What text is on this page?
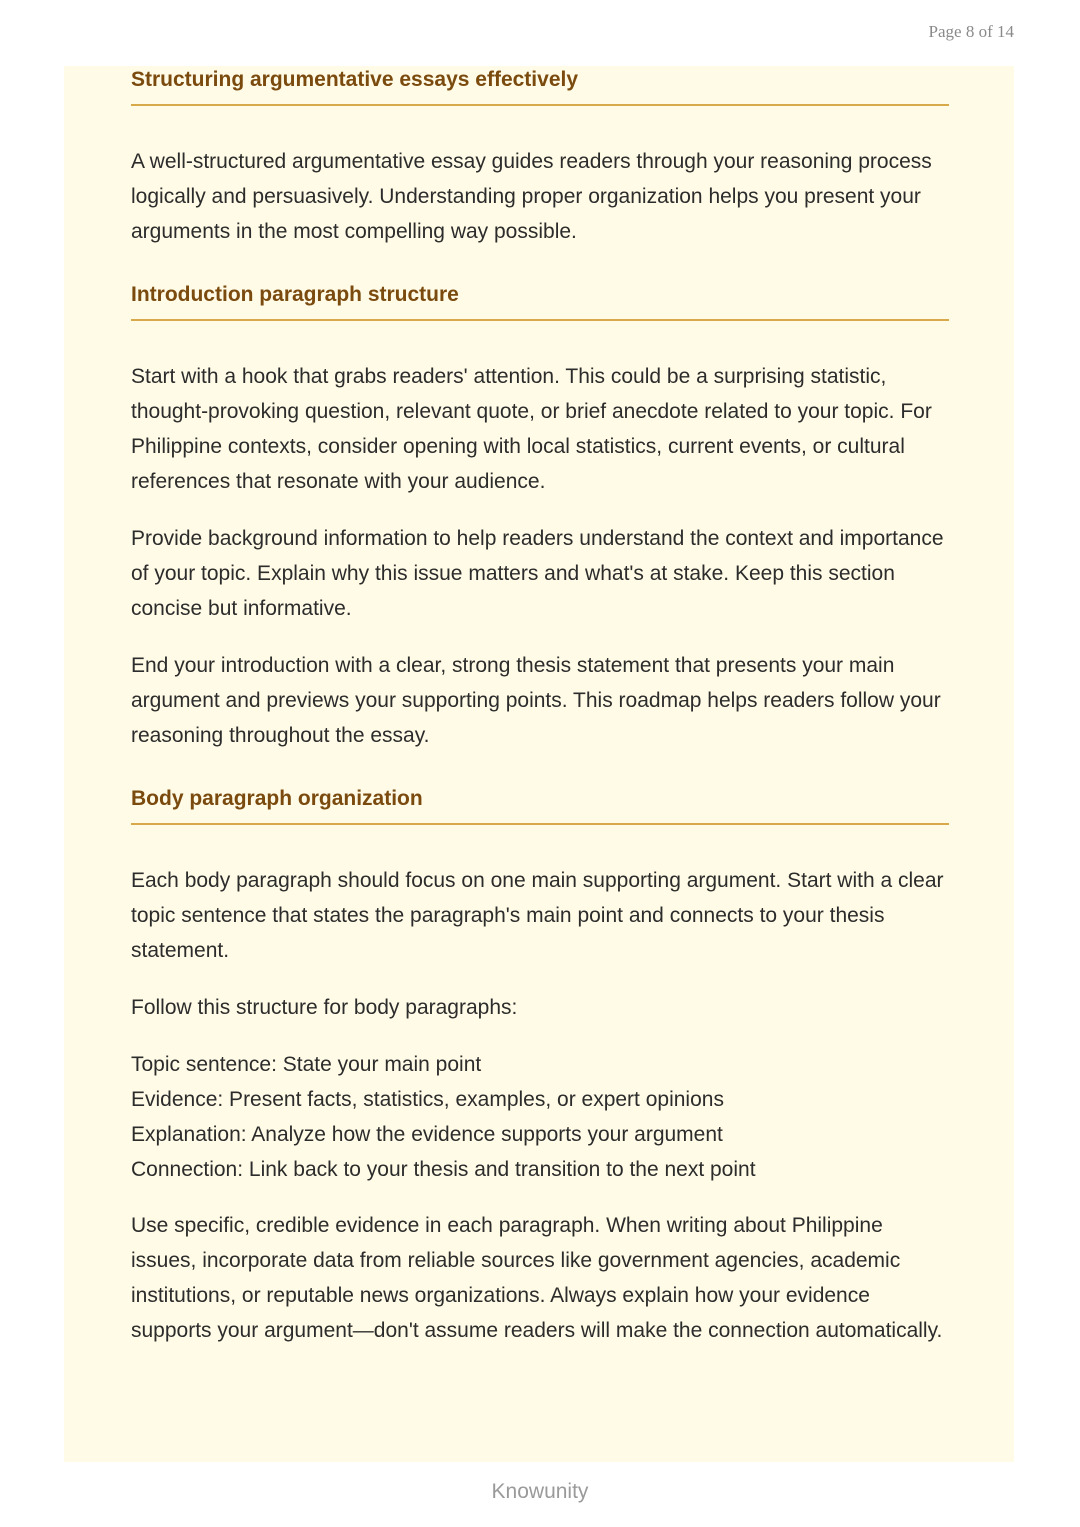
Page 8 of 14
Structuring argumentative essays effectively

A well-structured argumentative essay guides readers through your reasoning process logically and persuasively. Understanding proper organization helps you present your arguments in the most compelling way possible.

Introduction paragraph structure

Start with a hook that grabs readers' attention. This could be a surprising statistic, thought-provoking question, relevant quote, or brief anecdote related to your topic. For Philippine contexts, consider opening with local statistics, current events, or cultural references that resonate with your audience.

Provide background information to help readers understand the context and importance of your topic. Explain why this issue matters and what's at stake. Keep this section concise but informative.

End your introduction with a clear, strong thesis statement that presents your main argument and previews your supporting points. This roadmap helps readers follow your reasoning throughout the essay.

Body paragraph organization

Each body paragraph should focus on one main supporting argument. Start with a clear topic sentence that states the paragraph's main point and connects to your thesis statement.

Follow this structure for body paragraphs:

Topic sentence: State your main point
Evidence: Present facts, statistics, examples, or expert opinions
Explanation: Analyze how the evidence supports your argument
Connection: Link back to your thesis and transition to the next point

Use specific, credible evidence in each paragraph. When writing about Philippine issues, incorporate data from reliable sources like government agencies, academic institutions, or reputable news organizations. Always explain how your evidence supports your argument—don't assume readers will make the connection automatically.

Knowunity
